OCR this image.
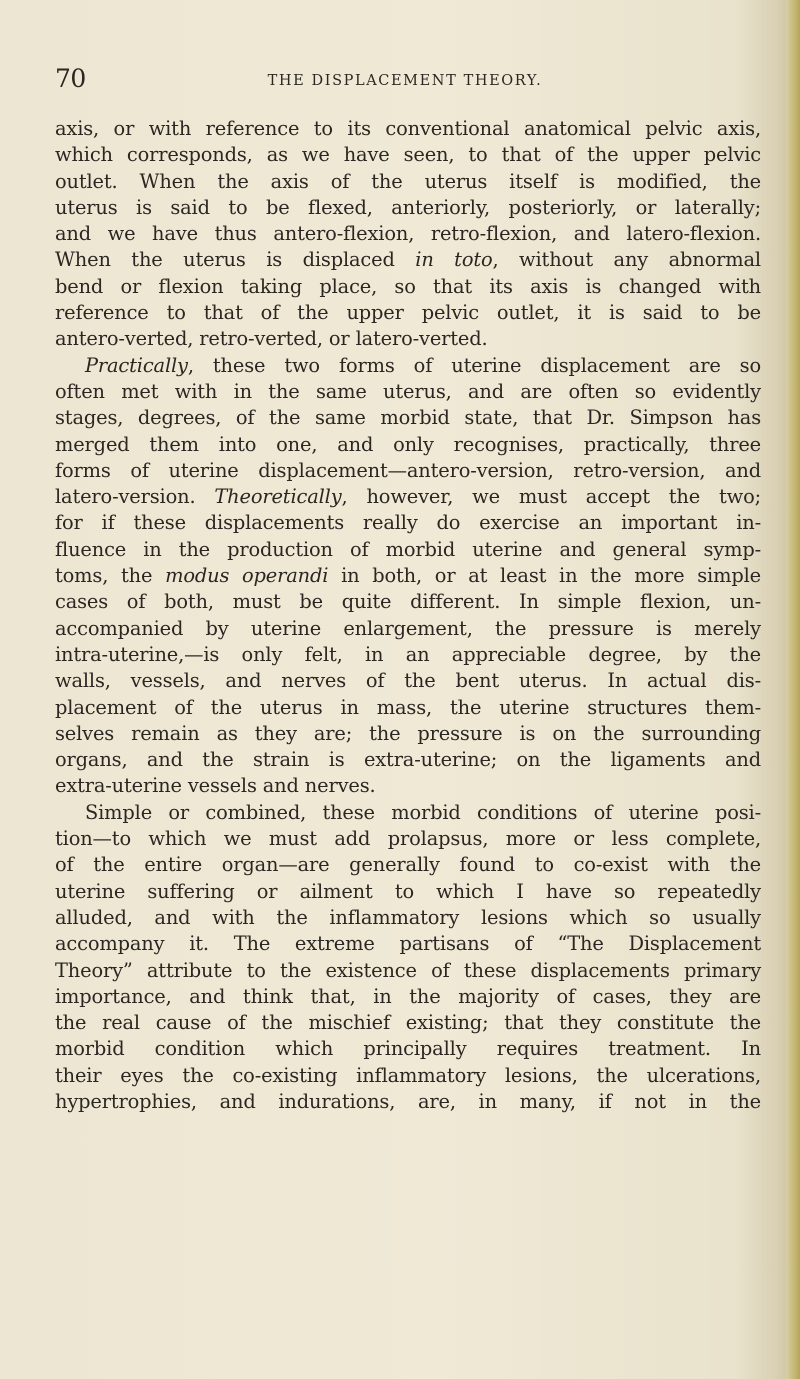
70	THE DISPLACEMENT THEORY.
axis, or with reference to its conventional anatomical pelvic axis,
which corresponds, as we have seen, to that of the upper pelvic
outlet. When the axis of the uterus itself is modified, the
uterus is said to be flexed, anteriorly, posteriorly, or laterally;
and we have thus antero-flexion, retro-flexion, and latero-flexion.
When the uterus is displaced in toto, without any abnormal
bend or flexion taking place, so that its axis is changed with
reference to that of the upper pelvic outlet, it is said to be
antero-verted, retro-verted, or latero-verted.
Practically, these two forms of uterine displacement are so
often met with in the same uterus, and are often so evidently
stages, degrees, of the same morbid state, that Dr. Simpson has
merged them into one, and only recognises, practically, three
forms of uterine displacement—antero-version, retro-version, and
latero-version. Theoretically, however, we must accept the two;
for if these displacements really do exercise an important in-
fluence in the production of morbid uterine and general symp-
toms, the modus operandi in both, or at least in the more simple
cases of both, must be quite different. In simple flexion, un-
accompanied by uterine enlargement, the pressure is merely
intra-uterine,—is only felt, in an appreciable degree, by the
walls, vessels, and nerves of the bent uterus. In actual dis-
placement of the uterus in mass, the uterine structures them-
selves remain as they are; the pressure is on the surrounding
organs, and the strain is extra-uterine; on the ligaments and
extra-uterine vessels and nerves.
Simple or combined, these morbid conditions of uterine posi-
tion—to which we must add prolapsus, more or less complete,
of the entire organ—are generally found to co-exist with the
uterine suffering or ailment to which I have so repeatedly
alluded, and with the inflammatory lesions which so usually
accompany it. The extreme partisans of “The Displacement
Theory” attribute to the existence of these displacements primary
importance, and think that, in the majority of cases, they are
the real cause of the mischief existing; that they constitute the
morbid condition which principally requires treatment. In
their eyes the co-existing inflammatory lesions, the ulcerations,
hypertrophies, and indurations, are, in many, if not in the
